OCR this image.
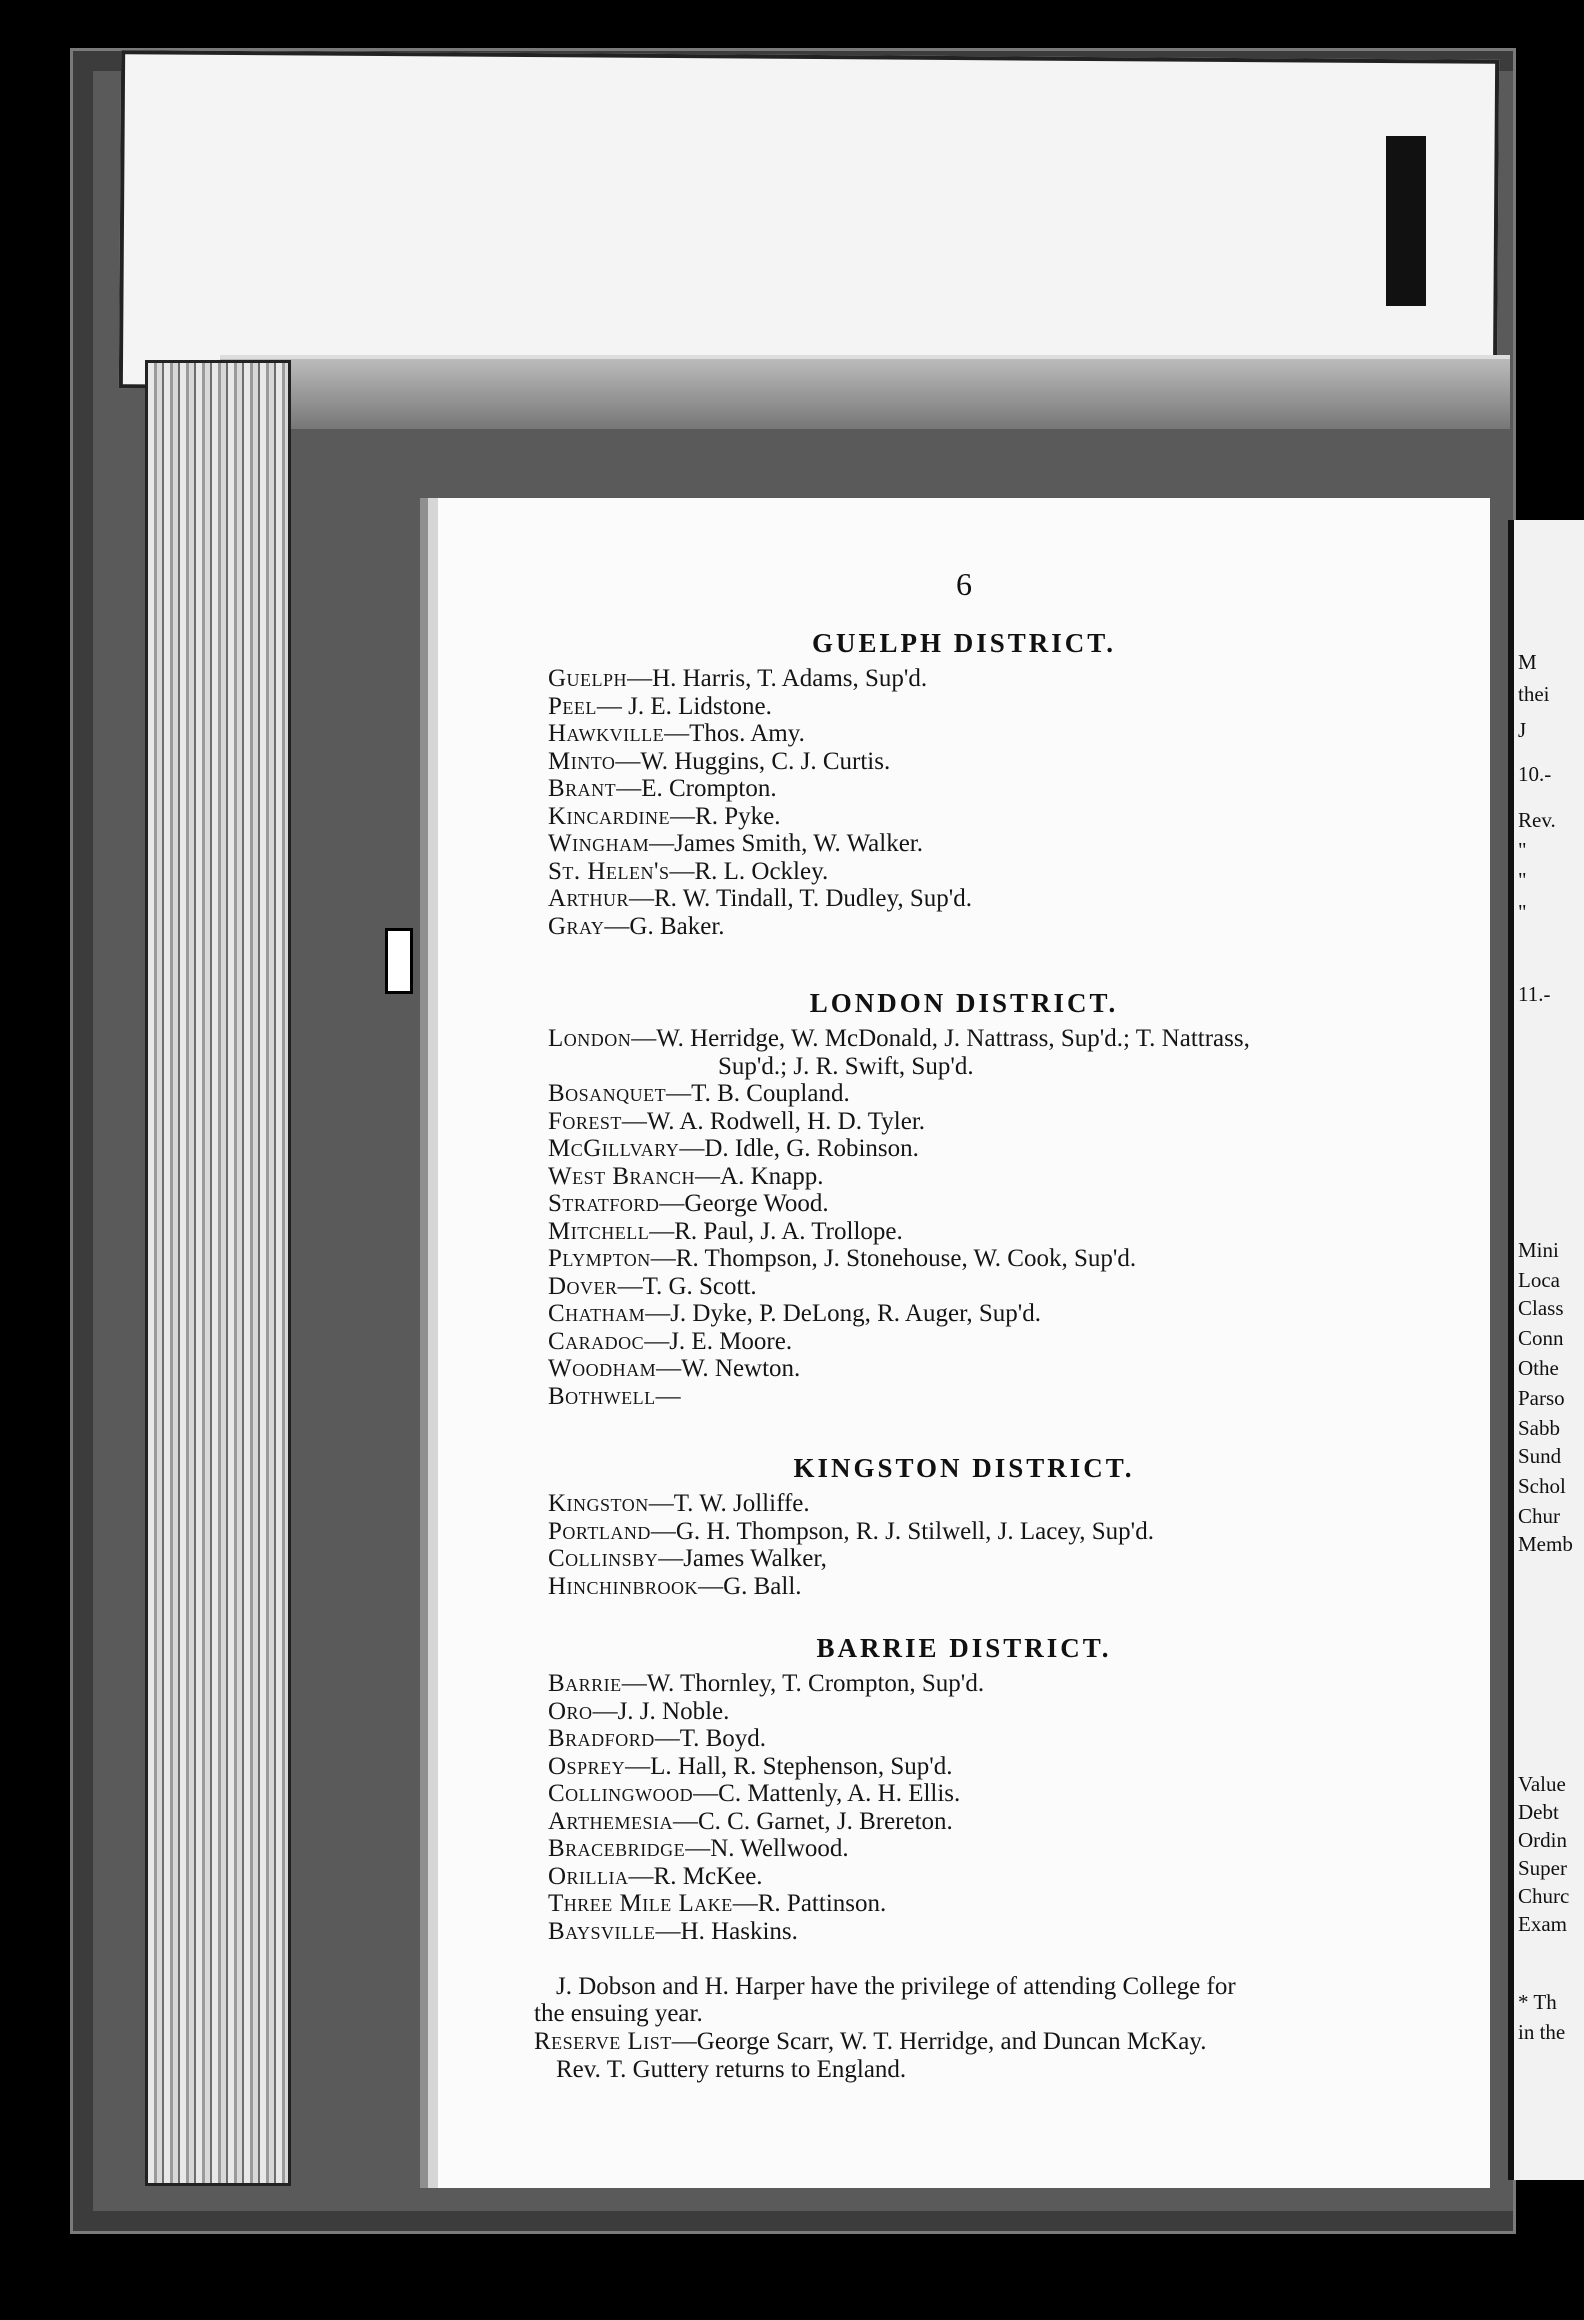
6
GUELPH DISTRICT.
Guelph—H. Harris, T. Adams, Sup'd.
Peel— J. E. Lidstone.
Hawkville—Thos. Amy.
Minto—W. Huggins, C. J. Curtis.
Brant—E. Crompton.
Kincardine—R. Pyke.
Wingham—James Smith, W. Walker.
St. Helen's—R. L. Ockley.
Arthur—R. W. Tindall, T. Dudley, Sup'd.
Gray—G. Baker.
LONDON DISTRICT.
London—W. Herridge, W. McDonald, J. Nattrass, Sup'd.; T. Nattrass,
Sup'd.; J. R. Swift, Sup'd.
Bosanquet—T. B. Coupland.
Forest—W. A. Rodwell, H. D. Tyler.
McGillvary—D. Idle, G. Robinson.
West Branch—A. Knapp.
Stratford—George Wood.
Mitchell—R. Paul, J. A. Trollope.
Plympton—R. Thompson, J. Stonehouse, W. Cook, Sup'd.
Dover—T. G. Scott.
Chatham—J. Dyke, P. DeLong, R. Auger, Sup'd.
Caradoc—J. E. Moore.
Woodham—W. Newton.
Bothwell—
KINGSTON DISTRICT.
Kingston—T. W. Jolliffe.
Portland—G. H. Thompson, R. J. Stilwell, J. Lacey, Sup'd.
Collinsby—James Walker,
Hinchinbrook—G. Ball.
BARRIE DISTRICT.
Barrie—W. Thornley, T. Crompton, Sup'd.
Oro—J. J. Noble.
Bradford—T. Boyd.
Osprey—L. Hall, R. Stephenson, Sup'd.
Collingwood—C. Mattenly, A. H. Ellis.
Arthemesia—C. C. Garnet, J. Brereton.
Bracebridge—N. Wellwood.
Orillia—R. McKee.
Three Mile Lake—R. Pattinson.
Baysville—H. Haskins.
J. Dobson and H. Harper have the privilege of attending College for
the ensuing year.
Reserve List—George Scarr, W. T. Herridge, and Duncan McKay.
Rev. T. Guttery returns to England.
M
thei
J
10.-
Rev.
"
"
"
11.-
Mini
Loca
Class
Conn
Othe
Parso
Sabb
Sund
Schol
Chur
Memb
Value
Debt
Ordin
Super
Churc
Exam
* Th
in the
